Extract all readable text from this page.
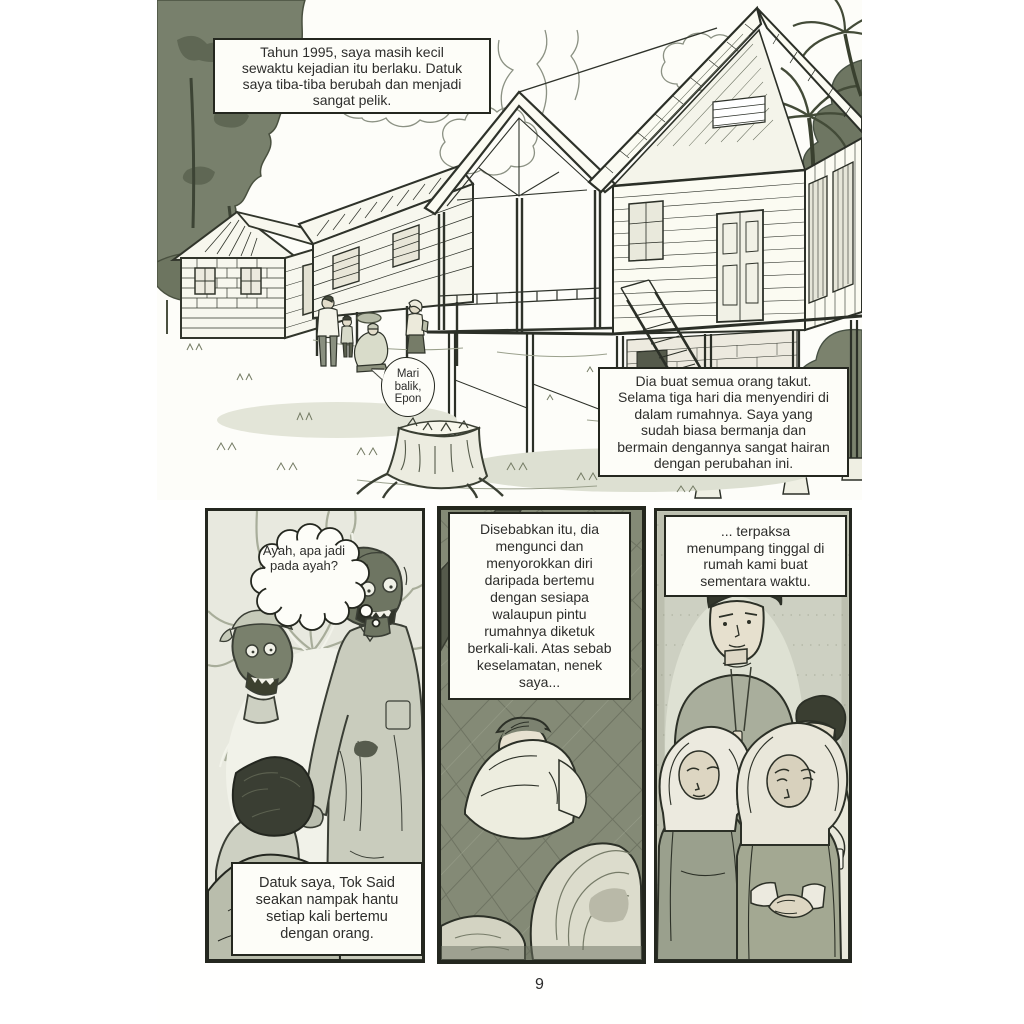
Tahun 1995, saya masih kecil sewaktu kejadian itu berlaku. Datuk saya tiba-tiba berubah dan menjadi sangat pelik.
Mari balik, Epon
Dia buat semua orang takut. Selama tiga hari dia menyendiri di dalam rumahnya. Saya yang sudah biasa bermanja dan bermain dengannya sangat hairan dengan perubahan ini.
Ayah, apa jadi pada ayah?
Datuk saya, Tok Said seakan nampak hantu setiap kali bertemu dengan orang.
Disebabkan itu, dia mengunci dan menyorokkan diri daripada bertemu dengan sesiapa walaupun pintu rumahnya diketuk berkali-kali. Atas sebab keselamatan, nenek saya...
... terpaksa menumpang tinggal di rumah kami buat sementara waktu.
9
